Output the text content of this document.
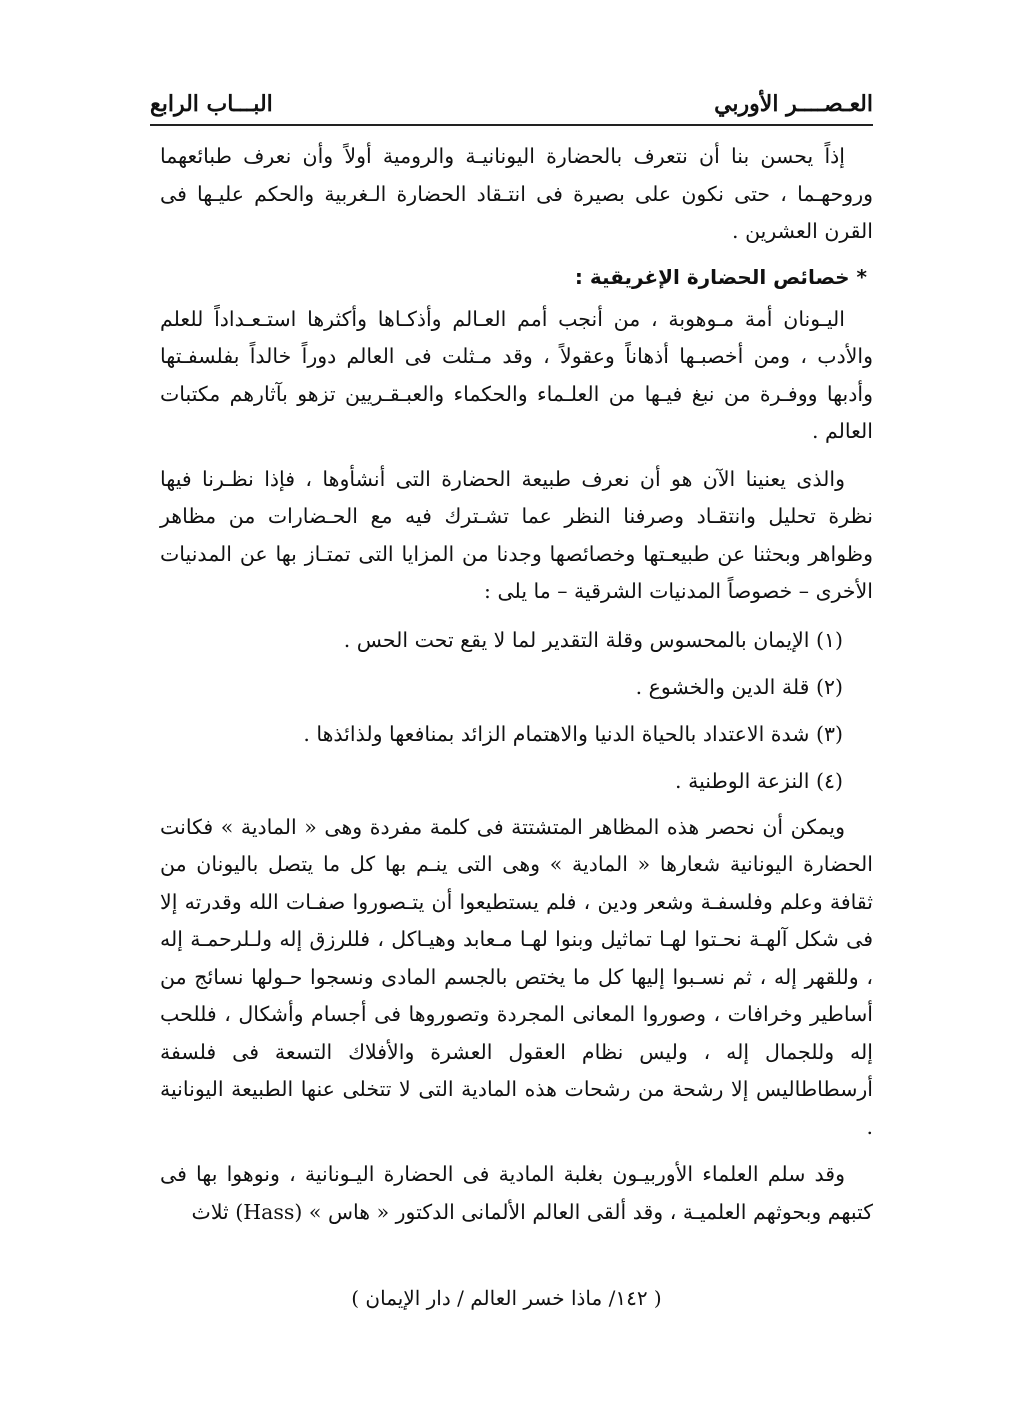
العـصــــر الأوربي
البـــاب الرابع

إذاً يحسن بنا أن نتعرف بالحضارة اليونانيـة والرومية أولاً وأن نعرف طبائعهما وروحهـما ، حتى نكون على بصيرة فى انتـقاد الحضارة الـغربية والحكم عليـها فى القرن العشرين .

* خصائص الحضارة الإغريقية :

اليـونان أمة مـوهوبة ، من أنجب أمم العـالم وأذكـاها وأكثرها استـعـداداً للعلم والأدب ، ومن أخصبـها أذهاناً وعقولاً ، وقد مـثلت فى العالم دوراً خالداً بفلسفـتها وأدبها ووفـرة من نبغ فيـها من العلـماء والحكماء والعبـقـريين تزهو بآثارهم مكتبات العالم .

والذى يعنينا الآن هو أن نعرف طبيعة الحضارة التى أنشأوها ، فإذا نظـرنا فيها نظرة تحليل وانتقـاد وصرفنا النظر عما تشـترك فيه مع الحـضارات من مظاهر وظواهر وبحثنا عن طبيعـتها وخصائصها وجدنا من المزايا التى تمتـاز بها عن المدنيات الأخرى – خصوصاً المدنيات الشرقية – ما يلى :

(١) الإيمان بالمحسوس وقلة التقدير لما لا يقع تحت الحس .
(٢) قلة الدين والخشوع .
(٣) شدة الاعتداد بالحياة الدنيا والاهتمام الزائد بمنافعها ولذائذها .
(٤) النزعة الوطنية .

ويمكن أن نحصر هذه المظاهر المتشتتة فى كلمة مفردة وهى « المادية » فكانت الحضارة اليونانية شعارها « المادية » وهى التى ينـم بها كل ما يتصل باليونان من ثقافة وعلم وفلسفـة وشعر ودين ، فلم يستطيعوا أن يتـصوروا صفـات الله وقدرته إلا فى شكل آلهـة نحـتوا لهـا تماثيل وبنوا لهـا مـعابد وهيـاكل ، فللرزق إله ولـلرحمـة إله ، وللقهر إله ، ثم نسـبوا إليها كل ما يختص بالجسم المادى ونسجوا حـولها نسائج من أساطير وخرافات ، وصوروا المعانى المجردة وتصوروها فى أجسام وأشكال ، فللحب إله وللجمال إله ، وليس نظام العقول العشرة والأفلاك التسعة فى فلسفة أرسطاطاليس إلا رشحة من رشحات هذه المادية التى لا تتخلى عنها الطبيعة اليونانية .

وقد سلم العلماء الأوربيـون بغلبة المادية فى الحضارة اليـونانية ، ونوهوا بها فى كتبهم وبحوثهم العلميـة ، وقد ألقى العالم الألمانى الدكتور « هاس » (Hass) ثلاث

( ١٤٢/ ماذا خسر العالم / دار الإيمان )
